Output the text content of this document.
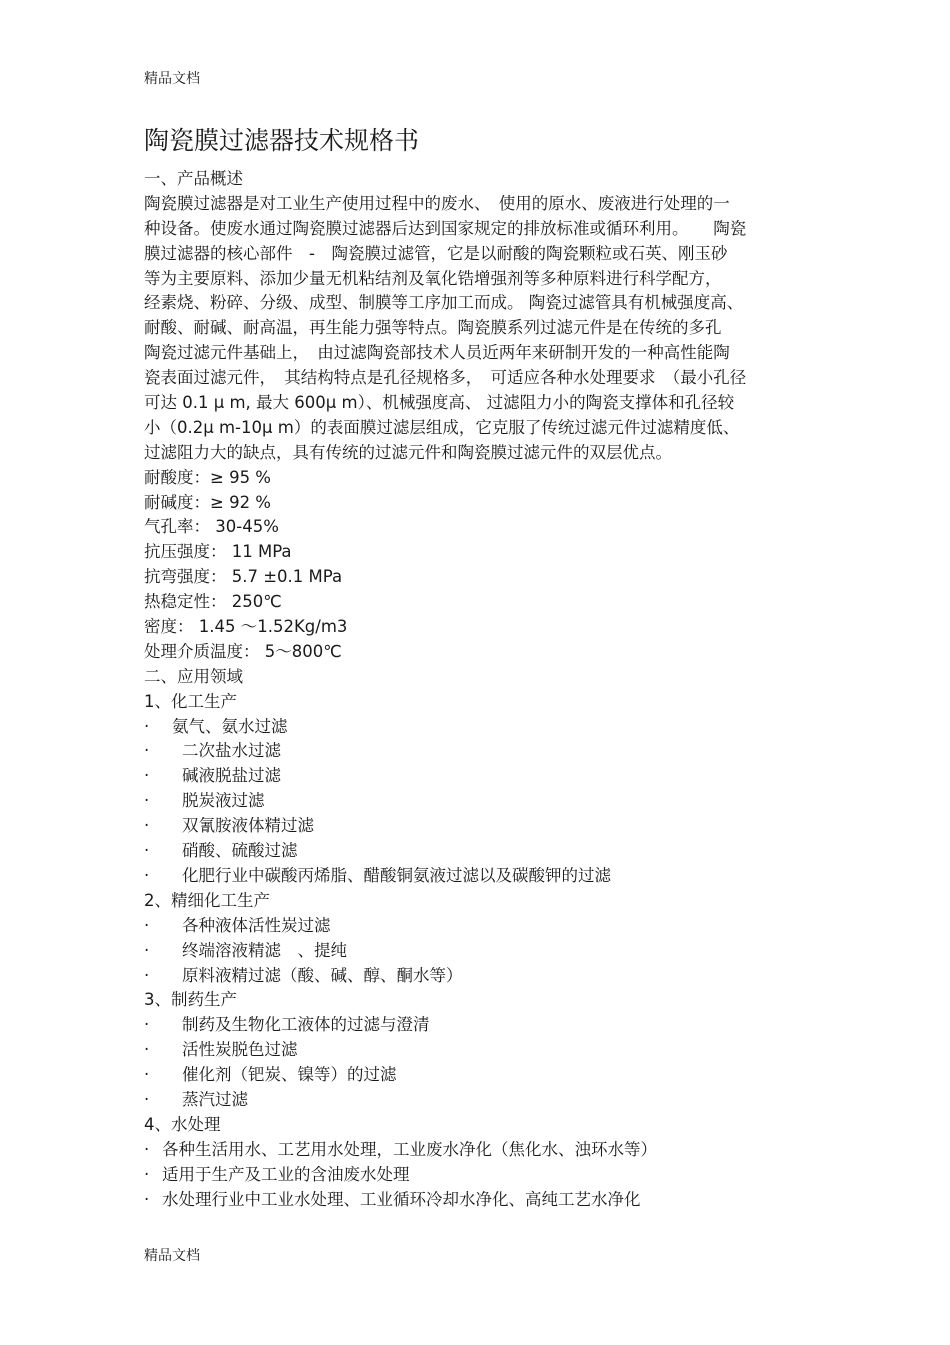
精品文档
陶瓷膜过滤器技术规格书
一、产品概述
陶瓷膜过滤器是对工业生产使用过程中的废水、　使用的原水、废液进行处理的一
种设备。使废水通过陶瓷膜过滤器后达到国家规定的排放标准或循环利用。　　陶瓷
膜过滤器的核心部件　-　陶瓷膜过滤管，它是以耐酸的陶瓷颗粒或石英、刚玉砂
等为主要原料、添加少量无机粘结剂及氧化锆增强剂等多种原料进行科学配方，
经素烧、粉碎、分级、成型、制膜等工序加工而成。 陶瓷过滤管具有机械强度高、
耐酸、耐碱、耐高温，再生能力强等特点。陶瓷膜系列过滤元件是在传统的多孔
陶瓷过滤元件基础上，　由过滤陶瓷部技术人员近两年来研制开发的一种高性能陶
瓷表面过滤元件，　其结构特点是孔径规格多，　可适应各种水处理要求　（最小孔径
可达 0.1 μ m, 最大 600μ m）、机械强度高、 过滤阻力小的陶瓷支撑体和孔径较
小（0.2μ m-10μ m）的表面膜过滤层组成，它克服了传统过滤元件过滤精度低、
过滤阻力大的缺点，具有传统的过滤元件和陶瓷膜过滤元件的双层优点。
耐酸度：≥ 95 %
耐碱度：≥ 92 %
气孔率： 30-45%
抗压强度： 11 MPa
抗弯强度： 5.7 ±0.1 MPa
热稳定性： 250℃
密度： 1.45 ～1.52Kg/m3
处理介质温度： 5～800℃
二、应用领域
1、化工生产
· 氨气、氨水过滤
· 二次盐水过滤
· 碱液脱盐过滤
· 脱炭液过滤
· 双氰胺液体精过滤
· 硝酸、硫酸过滤
· 化肥行业中碳酸丙烯脂、醋酸铜氨液过滤以及碳酸钾的过滤
2、精细化工生产
· 各种液体活性炭过滤
· 终端溶液精滤　、提纯
· 原料液精过滤（酸、碱、醇、酮水等）
3、制药生产
· 制药及生物化工液体的过滤与澄清
· 活性炭脱色过滤
· 催化剂（钯炭、镍等）的过滤
· 蒸汽过滤
4、水处理
· 各种生活用水、工艺用水处理，工业废水净化（焦化水、浊环水等）
· 适用于生产及工业的含油废水处理
· 水处理行业中工业水处理、工业循环冷却水净化、高纯工艺水净化
精品文档
